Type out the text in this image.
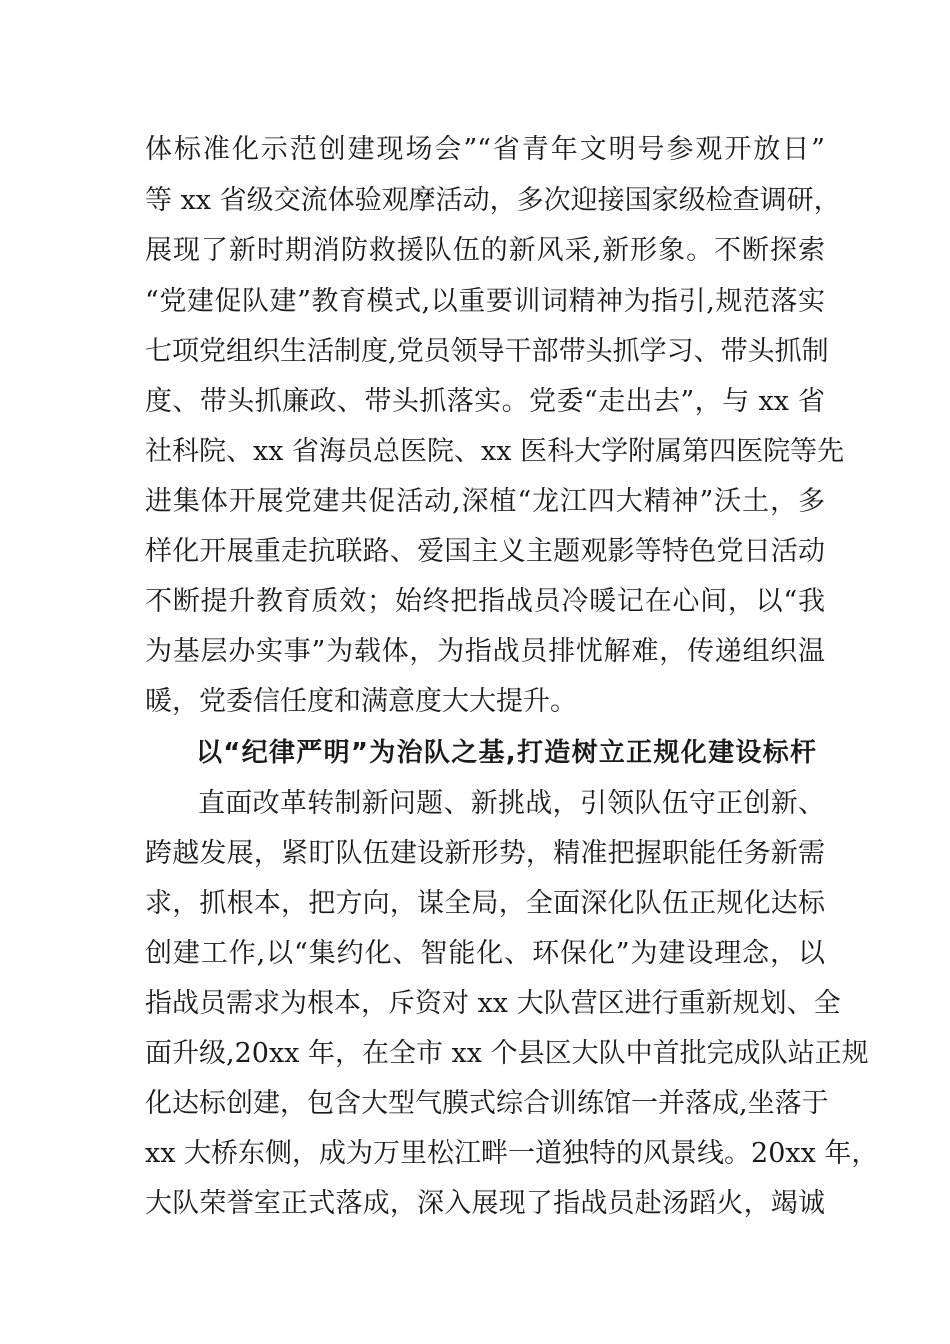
体标准化示范创建现场会”“省青年文明号参观开放日”
等 xx 省级交流体验观摩活动，多次迎接国家级检查调研，
展现了新时期消防救援队伍的新风采,新形象。不断探索
“党建促队建”教育模式,以重要训词精神为指引,规范落实
七项党组织生活制度,党员领导干部带头抓学习、带头抓制
度、带头抓廉政、带头抓落实。党委“走出去”，与 xx 省
社科院、xx 省海员总医院、xx 医科大学附属第四医院等先
进集体开展党建共促活动,深植“龙江四大精神”沃土，多
样化开展重走抗联路、爱国主义主题观影等特色党日活动
不断提升教育质效；始终把指战员冷暖记在心间，以“我
为基层办实事”为载体，为指战员排忧解难，传递组织温
暖，党委信任度和满意度大大提升。
以“纪律严明”为治队之基,打造树立正规化建设标杆
直面改革转制新问题、新挑战，引领队伍守正创新、
跨越发展，紧盯队伍建设新形势，精准把握职能任务新需
求，抓根本，把方向，谋全局，全面深化队伍正规化达标
创建工作,以“集约化、智能化、环保化”为建设理念，以
指战员需求为根本，斥资对 xx 大队营区进行重新规划、全
面升级,20xx 年，在全市 xx 个县区大队中首批完成队站正规
化达标创建，包含大型气膜式综合训练馆一并落成,坐落于
xx 大桥东侧，成为万里松江畔一道独特的风景线。20xx 年，
大队荣誉室正式落成，深入展现了指战员赴汤蹈火，竭诚
